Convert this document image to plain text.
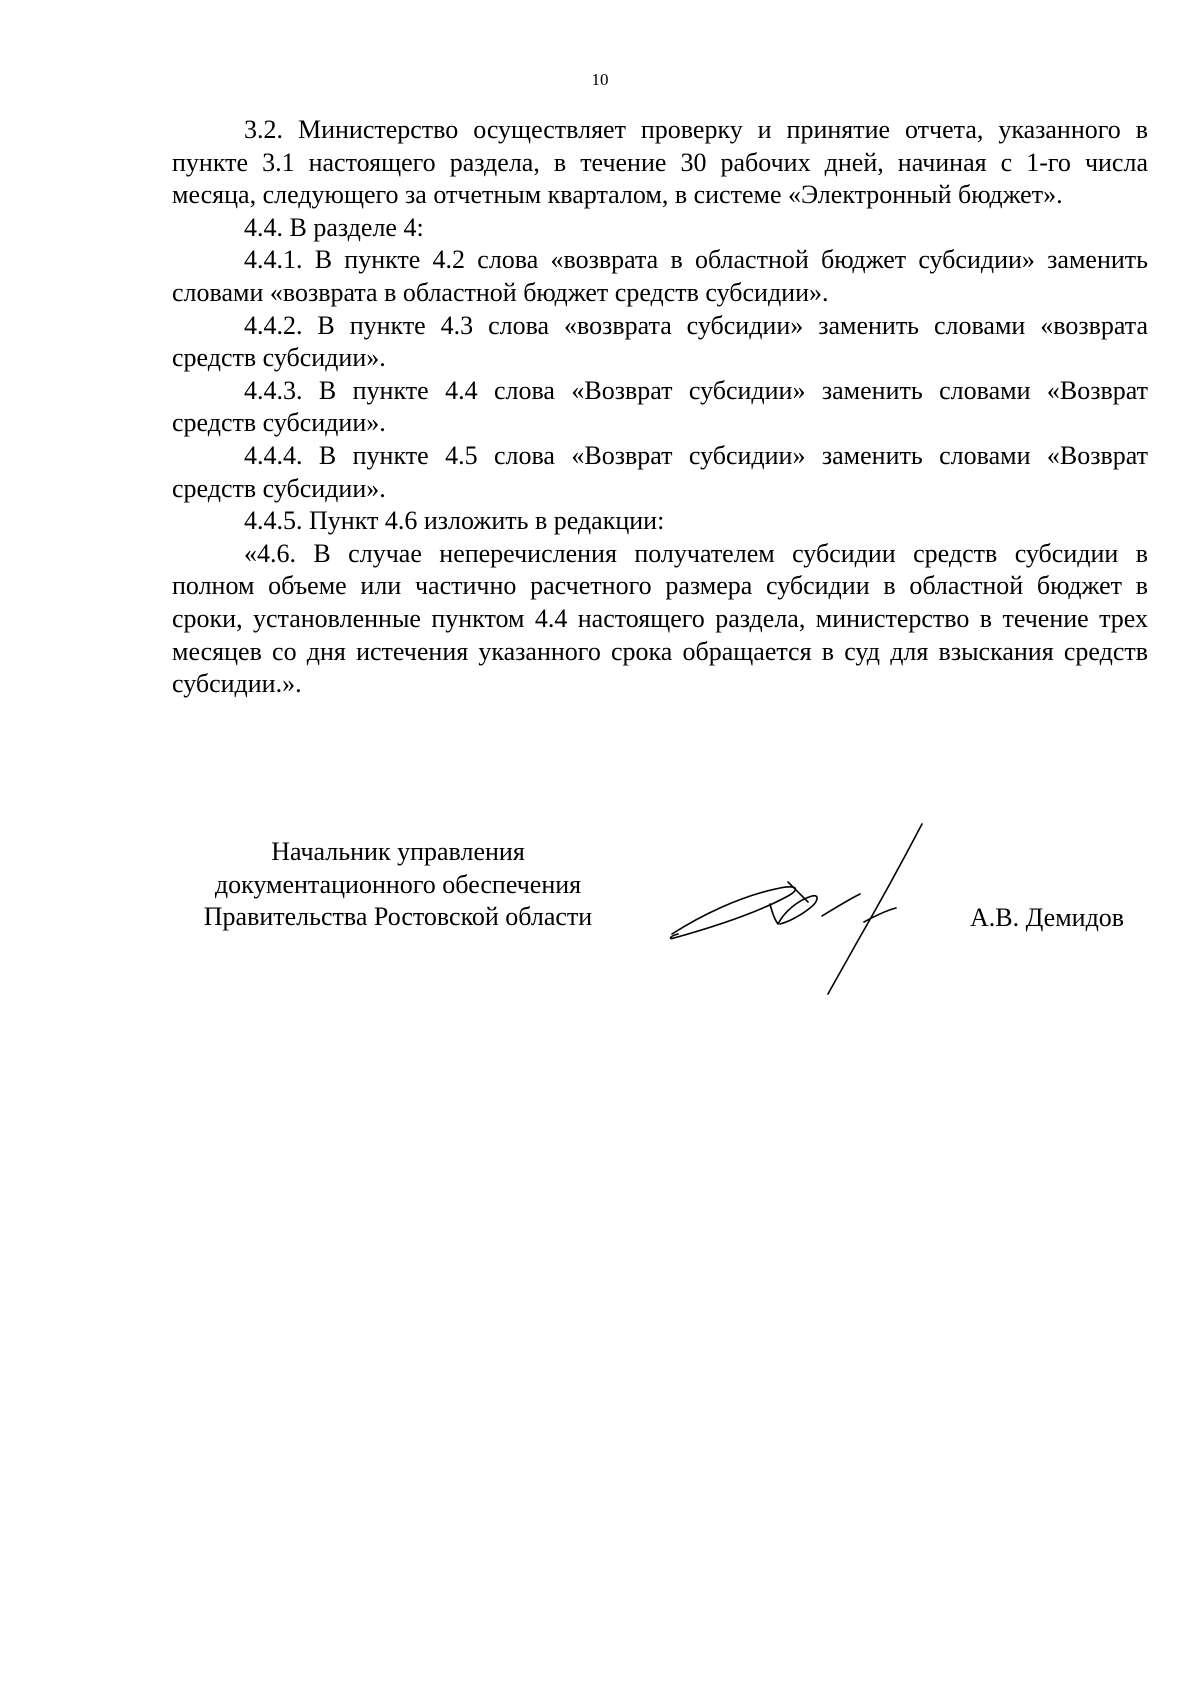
10

3.2. Министерство осуществляет проверку и принятие отчета, указанного в пункте 3.1 настоящего раздела, в течение 30 рабочих дней, начиная с 1-го числа месяца, следующего за отчетным кварталом, в системе «Электронный бюджет».

4.4. В разделе 4:

4.4.1. В пункте 4.2 слова «возврата в областной бюджет субсидии» заменить словами «возврата в областной бюджет средств субсидии».

4.4.2. В пункте 4.3 слова «возврата субсидии» заменить словами «возврата средств субсидии».

4.4.3. В пункте 4.4 слова «Возврат субсидии» заменить словами «Возврат средств субсидии».

4.4.4. В пункте 4.5 слова «Возврат субсидии» заменить словами «Возврат средств субсидии».

4.4.5. Пункт 4.6 изложить в редакции:

«4.6. В случае неперечисления получателем субсидии средств субсидии в полном объеме или частично расчетного размера субсидии в областной бюджет в сроки, установленные пунктом 4.4 настоящего раздела, министерство в течение трех месяцев со дня истечения указанного срока обращается в суд для взыскания средств субсидии.».

Начальник управления
документационного обеспечения
Правительства Ростовской области	А.В. Демидов
